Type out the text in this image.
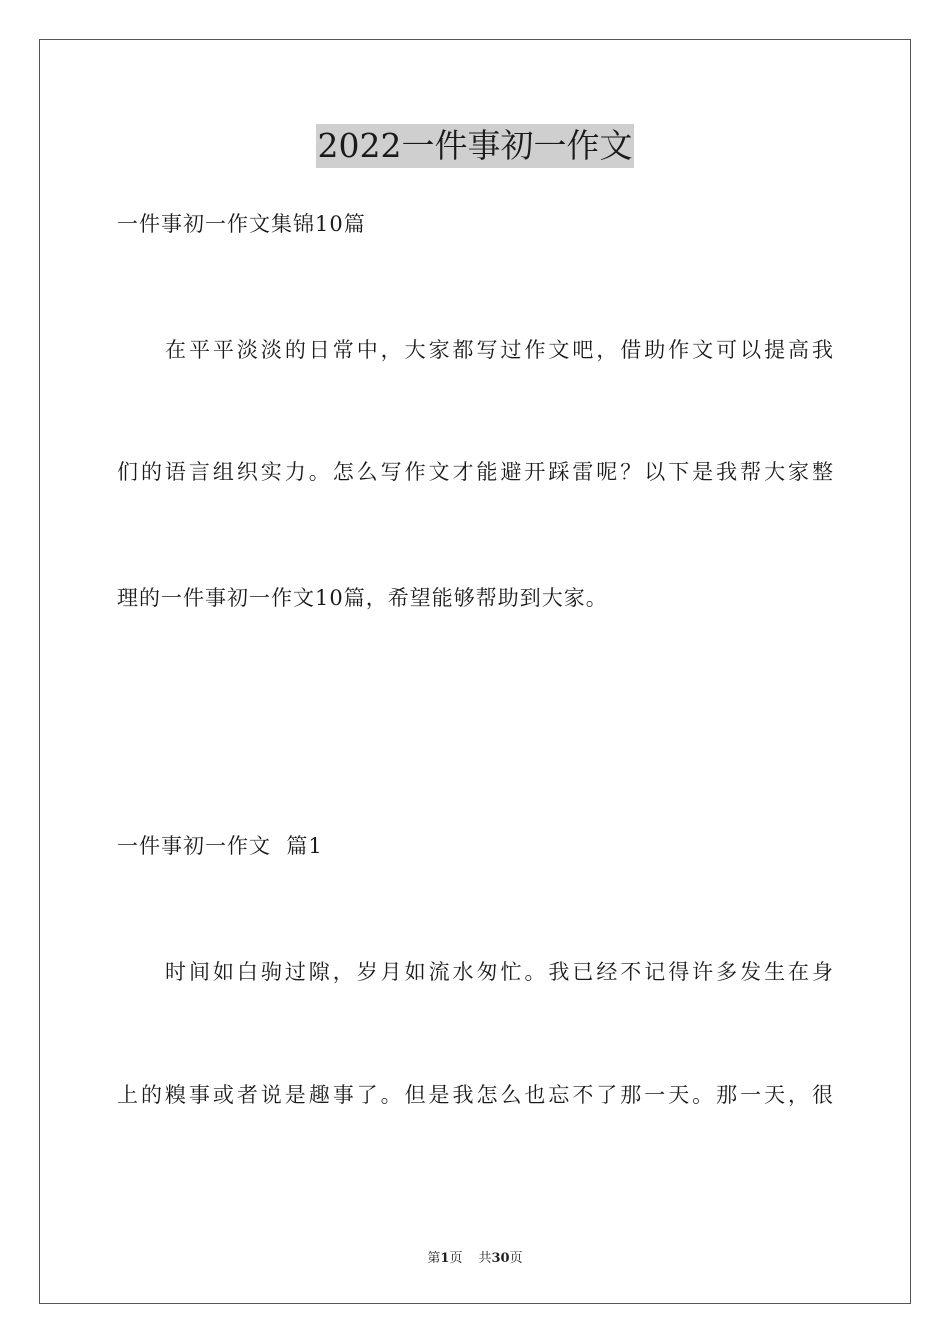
2022一件事初一作文
一件事初一作文集锦10篇
在平平淡淡的日常中，大家都写过作文吧，借助作文可以提高我
们的语言组织实力。怎么写作文才能避开踩雷呢？以下是我帮大家整
理的一件事初一作文10篇，希望能够帮助到大家。
一件事初一作文  篇1
时间如白驹过隙，岁月如流水匆忙。我已经不记得许多发生在身
上的糗事或者说是趣事了。但是我怎么也忘不了那一天。那一天，很
第1页 共30页
